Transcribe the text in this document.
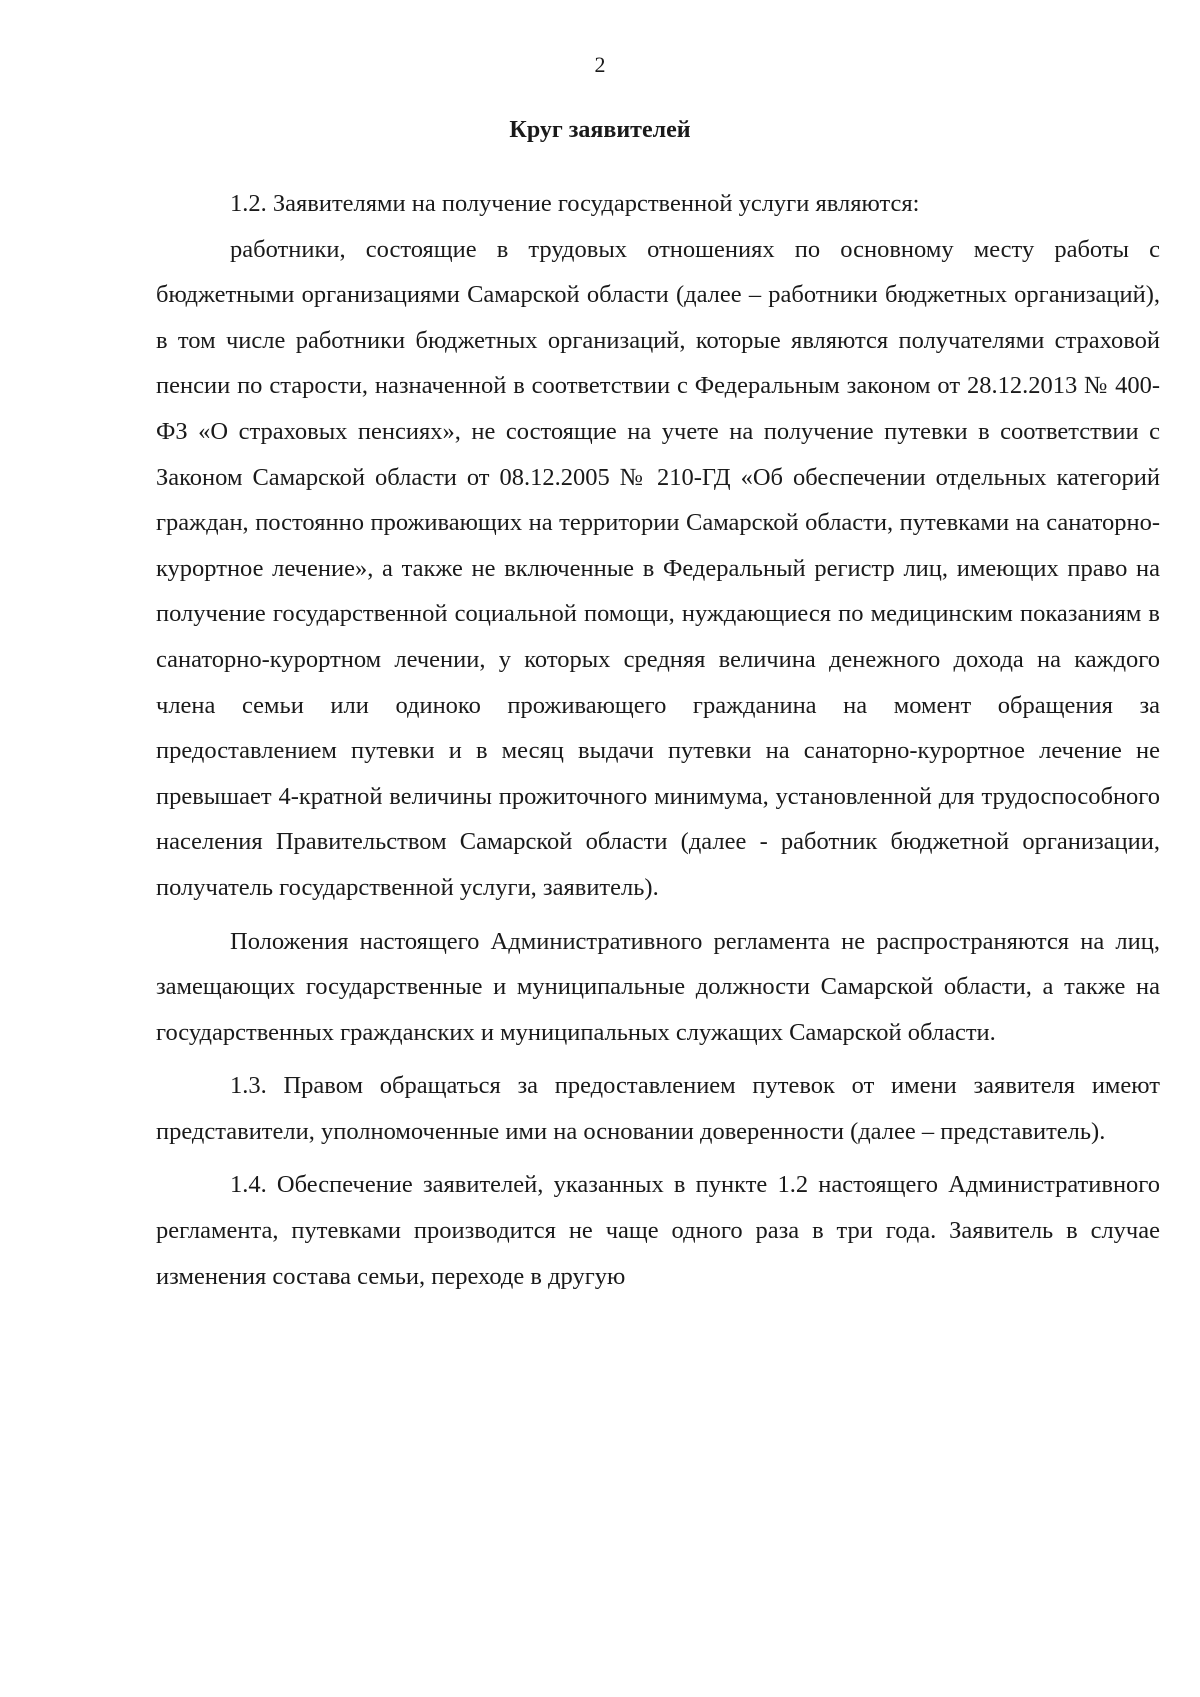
2
Круг заявителей

1.2. Заявителями на получение государственной услуги являются:

работники, состоящие в трудовых отношениях по основному месту работы с бюджетными организациями Самарской области (далее – работники бюджетных организаций), в том числе работники бюджетных организаций, которые являются получателями страховой пенсии по старости, назначенной в соответствии с Федеральным законом от 28.12.2013 № 400-ФЗ «О страховых пенсиях», не состоящие на учете на получение путевки в соответствии с Законом Самарской области от 08.12.2005 № 210-ГД «Об обеспечении отдельных категорий граждан, постоянно проживающих на территории Самарской области, путевками на санаторно-курортное лечение», а также не включенные в Федеральный регистр лиц, имеющих право на получение государственной социальной помощи, нуждающиеся по медицинским показаниям в санаторно-курортном лечении, у которых средняя величина денежного дохода на каждого члена семьи или одиноко проживающего гражданина на момент обращения за предоставлением путевки и в месяц выдачи путевки на санаторно-курортное лечение не превышает 4-кратной величины прожиточного минимума, установленной для трудоспособного населения Правительством Самарской области (далее - работник бюджетной организации, получатель государственной услуги, заявитель).

Положения настоящего Административного регламента не распространяются на лиц, замещающих государственные и муниципальные должности Самарской области, а также на государственных гражданских и муниципальных служащих Самарской области.

1.3. Правом обращаться за предоставлением путевок от имени заявителя имеют представители, уполномоченные ими на основании доверенности (далее – представитель).

1.4. Обеспечение заявителей, указанных в пункте 1.2 настоящего Административного регламента, путевками производится не чаще одного раза в три года. Заявитель в случае изменения состава семьи, переходе в другую
